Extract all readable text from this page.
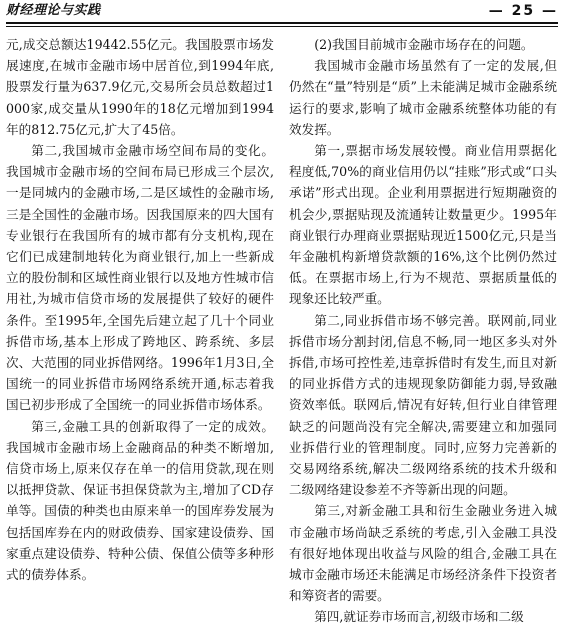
财经理论与实践	— 25 —

元,成交总额达19442.55亿元。我国股票市场发展速度,在城市金融市场中居首位,到1994年底,股票发行量为637.9亿元,交易所会员总数超过1000家,成交量从1990年的18亿元增加到1994年的812.75亿元,扩大了45倍。

第二,我国城市金融市场空间布局的变化。我国城市金融市场的空间布局已形成三个层次,一是同城内的金融市场,二是区域性的金融市场,三是全国性的金融市场。因我国原来的四大国有专业银行在我国所有的城市都有分支机构,现在它们已成建制地转化为商业银行,加上一些新成立的股份制和区域性商业银行以及地方性城市信用社,为城市信贷市场的发展提供了较好的硬件条件。至1995年,全国先后建立起了几十个同业拆借市场,基本上形成了跨地区、跨系统、多层次、大范围的同业拆借网络。1996年1月3日,全国统一的同业拆借市场网络系统开通,标志着我国已初步形成了全国统一的同业拆借市场体系。

第三,金融工具的创新取得了一定的成效。我国城市金融市场上金融商品的种类不断增加,信贷市场上,原来仅存在单一的信用贷款,现在则以抵押贷款、保证书担保贷款为主,增加了CD存单等。国债的种类也由原来单一的国库券发展为包括国库券在内的财政债券、国家建设债券、国家重点建设债券、特种公债、保值公债等多种形式的债券体系。

(2)我国目前城市金融市场存在的问题。

我国城市金融市场虽然有了一定的发展,但仍然在“量”特别是“质”上未能满足城市金融系统运行的要求,影响了城市金融系统整体功能的有效发挥。

第一,票据市场发展较慢。商业信用票据化程度低,70%的商业信用仍以“挂账”形式或“口头承诺”形式出现。企业利用票据进行短期融资的机会少,票据贴现及流通转让数量更少。1995年商业银行办理商业票据贴现近1500亿元,只是当年金融机构新增贷款额的16%,这个比例仍然过低。在票据市场上,行为不规范、票据质量低的现象还比较严重。

第二,同业拆借市场不够完善。联网前,同业拆借市场分割封闭,信息不畅,同一地区多头对外拆借,市场可控性差,违章拆借时有发生,而且对新的同业拆借方式的违规现象防御能力弱,导致融资效率低。联网后,情况有好转,但行业自律管理缺乏的问题尚没有完全解决,需要建立和加强同业拆借行业的管理制度。同时,应努力完善新的交易网络系统,解决二级网络系统的技术升级和二级网络建设参差不齐等新出现的问题。

第三,对新金融工具和衍生金融业务进入城市金融市场尚缺乏系统的考虑,引入金融工具没有很好地体现出收益与风险的组合,金融工具在城市金融市场还未能满足市场经济条件下投资者和筹资者的需要。

第四,就证券市场而言,初级市场和二级
